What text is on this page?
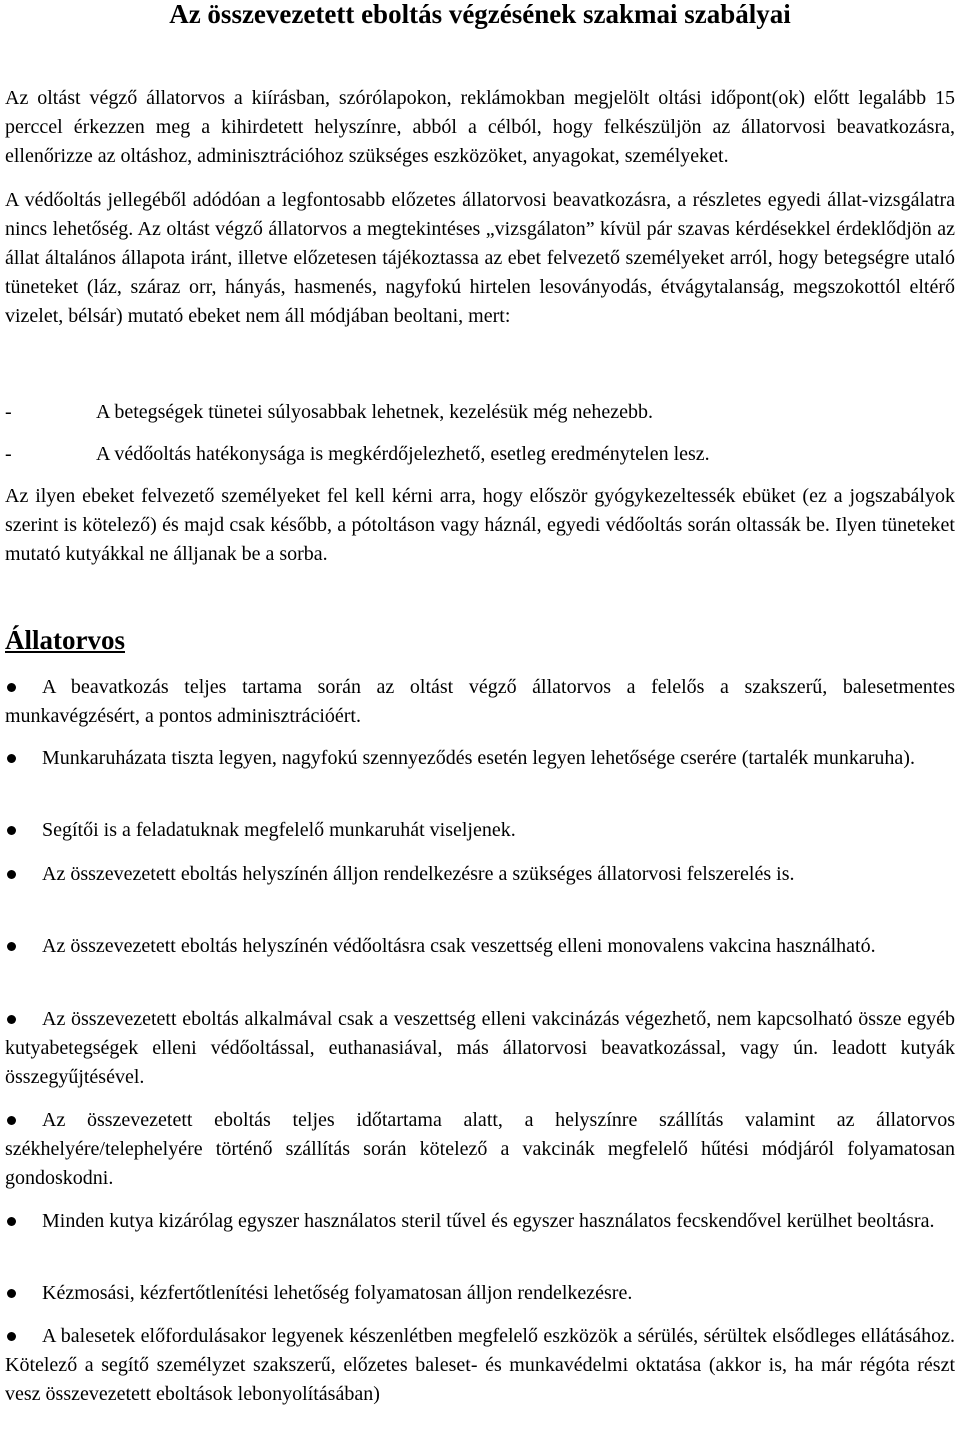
Az összevezetett eboltás végzésének szakmai szabályai

Az oltást végző állatorvos a kiírásban, szórólapokon, reklámokban megjelölt oltási időpont(ok) előtt legalább 15 perccel érkezzen meg a kihirdetett helyszínre, abból a célból, hogy felkészüljön az állatorvosi beavatkozásra, ellenőrizze az oltáshoz, adminisztrációhoz szükséges eszközöket, anyagokat, személyeket.

A védőoltás jellegéből adódóan a legfontosabb előzetes állatorvosi beavatkozásra, a részletes egyedi állat-vizsgálatra nincs lehetőség. Az oltást végző állatorvos a megtekintéses „vizsgálaton” kívül pár szavas kérdésekkel érdeklődjön az állat általános állapota iránt, illetve előzetesen tájékoztassa az ebet felvezető személyeket arról, hogy betegségre utaló tüneteket (láz, száraz orr, hányás, hasmenés, nagyfokú hirtelen lesoványodás, étvágytalanság, megszokottól eltérő vizelet, bélsár) mutató ebeket nem áll módjában beoltani, mert:

-	A betegségek tünetei súlyosabbak lehetnek, kezelésük még nehezebb.
-	A védőoltás hatékonysága is megkérdőjelezhető, esetleg eredménytelen lesz.

Az ilyen ebeket felvezető személyeket fel kell kérni arra, hogy először gyógykezeltessék ebüket (ez a jogszabályok szerint is kötelező) és majd csak később, a pótoltáson vagy háznál, egyedi védőoltás során oltassák be. Ilyen tüneteket mutató kutyákkal ne álljanak be a sorba.

Állatorvos
A beavatkozás teljes tartama során az oltást végző állatorvos a felelős a szakszerű, balesetmentes munkavégzésért, a pontos adminisztrációért.
Munkaruházata tiszta legyen, nagyfokú szennyeződés esetén legyen lehetősége cserére (tartalék munkaruha).
Segítői is a feladatuknak megfelelő munkaruhát viseljenek.
Az összevezetett eboltás helyszínén álljon rendelkezésre a szükséges állatorvosi felszerelés is.
Az összevezetett eboltás helyszínén védőoltásra csak veszettség elleni monovalens vakcina használható.
Az összevezetett eboltás alkalmával csak a veszettség elleni vakcinázás végezhető, nem kapcsolható össze egyéb kutyabetegségek elleni védőoltással, euthanasiával, más állatorvosi beavatkozással, vagy ún. leadott kutyák összegyűjtésével.
Az összevezetett eboltás teljes időtartama alatt, a helyszínre szállítás valamint az állatorvos székhelyére/telephelyére történő szállítás során kötelező a vakcinák megfelelő hűtési módjáról folyamatosan gondoskodni.
Minden kutya kizárólag egyszer használatos steril tűvel és egyszer használatos fecskendővel kerülhet beoltásra.
Kézmosási, kézfertőtlenítési lehetőség folyamatosan álljon rendelkezésre.
A balesetek előfordulásakor legyenek készenlétben megfelelő eszközök a sérülés, sérültek elsődleges ellátásához. Kötelező a segítő személyzet szakszerű, előzetes baleset- és munkavédelmi oktatása (akkor is, ha már régóta részt vesz összevezetett eboltások lebonyolításában)
